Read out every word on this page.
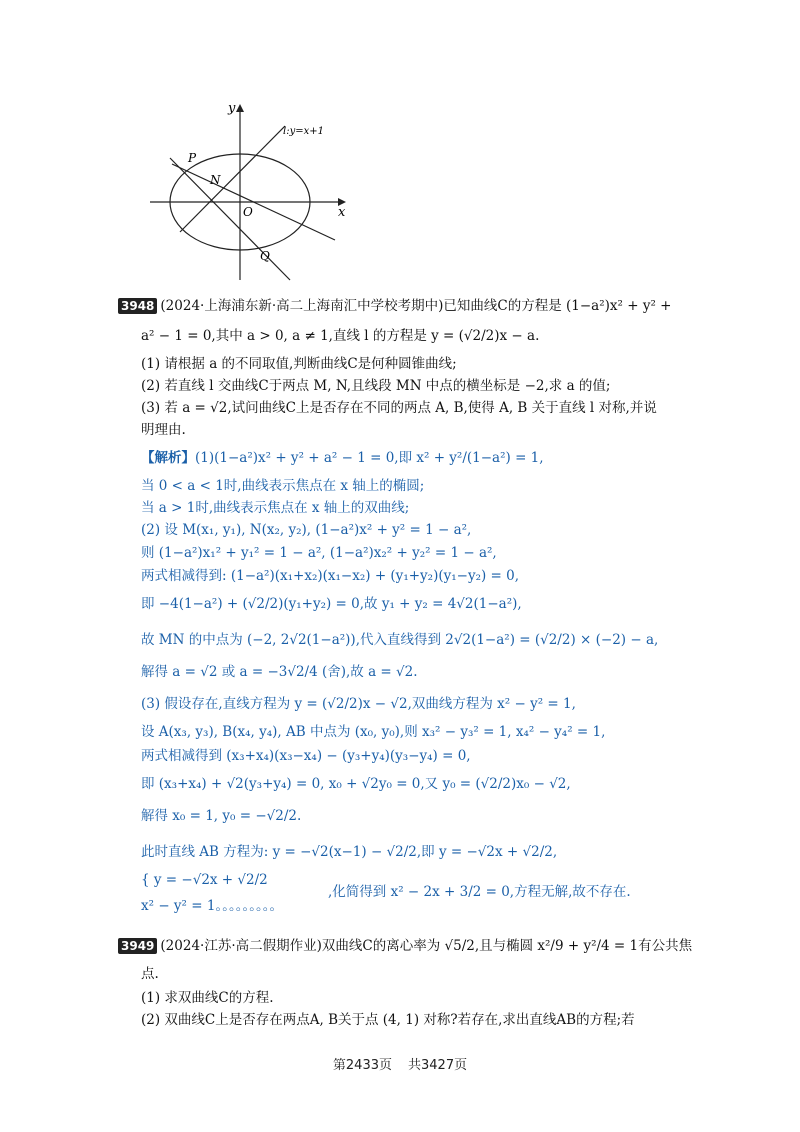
y
x
l:y=x+1
P
N
O
Q
3948 (2024·上海浦东新·高二上海南汇中学校考期中)已知曲线C的方程是 (1−a²)x² + y² +
a² − 1 = 0,其中 a > 0, a ≠ 1,直线 l 的方程是 y = (√2/2)x − a.
(1) 请根据 a 的不同取值,判断曲线C是何种圆锥曲线;
(2) 若直线 l 交曲线C于两点 M, N,且线段 MN 中点的横坐标是 −2,求 a 的值;
(3) 若 a = √2,试问曲线C上是否存在不同的两点 A, B,使得 A, B 关于直线 l 对称,并说
明理由.
【解析】(1)(1−a²)x² + y² + a² − 1 = 0,即 x² + y²/(1−a²) = 1,
当 0 < a < 1时,曲线表示焦点在 x 轴上的椭圆;
当 a > 1时,曲线表示焦点在 x 轴上的双曲线;
(2) 设 M(x₁, y₁), N(x₂, y₂), (1−a²)x² + y² = 1 − a²,
则 (1−a²)x₁² + y₁² = 1 − a², (1−a²)x₂² + y₂² = 1 − a²,
两式相减得到: (1−a²)(x₁+x₂)(x₁−x₂) + (y₁+y₂)(y₁−y₂) = 0,
即 −4(1−a²) + (√2/2)(y₁+y₂) = 0,故 y₁ + y₂ = 4√2(1−a²),
故 MN 的中点为 (−2, 2√2(1−a²)),代入直线得到 2√2(1−a²) = (√2/2) × (−2) − a,
解得 a = √2 或 a = −3√2/4 (舍),故 a = √2.
(3) 假设存在,直线方程为 y = (√2/2)x − √2,双曲线方程为 x² − y² = 1,
设 A(x₃, y₃), B(x₄, y₄), AB 中点为 (x₀, y₀),则 x₃² − y₃² = 1, x₄² − y₄² = 1,
两式相减得到 (x₃+x₄)(x₃−x₄) − (y₃+y₄)(y₃−y₄) = 0,
即 (x₃+x₄) + √2(y₃+y₄) = 0, x₀ + √2y₀ = 0,又 y₀ = (√2/2)x₀ − √2,
解得 x₀ = 1, y₀ = −√2/2.
此时直线 AB 方程为: y = −√2(x−1) − √2/2,即 y = −√2x + √2/2,
{ y = −√2x + √2/2
x² − y² = 1。。。。。。。。。
,化简得到 x² − 2x + 3/2 = 0,方程无解,故不存在.
3949 (2024·江苏·高二假期作业)双曲线C的离心率为 √5/2,且与椭圆 x²/9 + y²/4 = 1有公共焦
点.
(1) 求双曲线C的方程.
(2) 双曲线C上是否存在两点A, B关于点 (4, 1) 对称?若存在,求出直线AB的方程;若
第2433页 共3427页
